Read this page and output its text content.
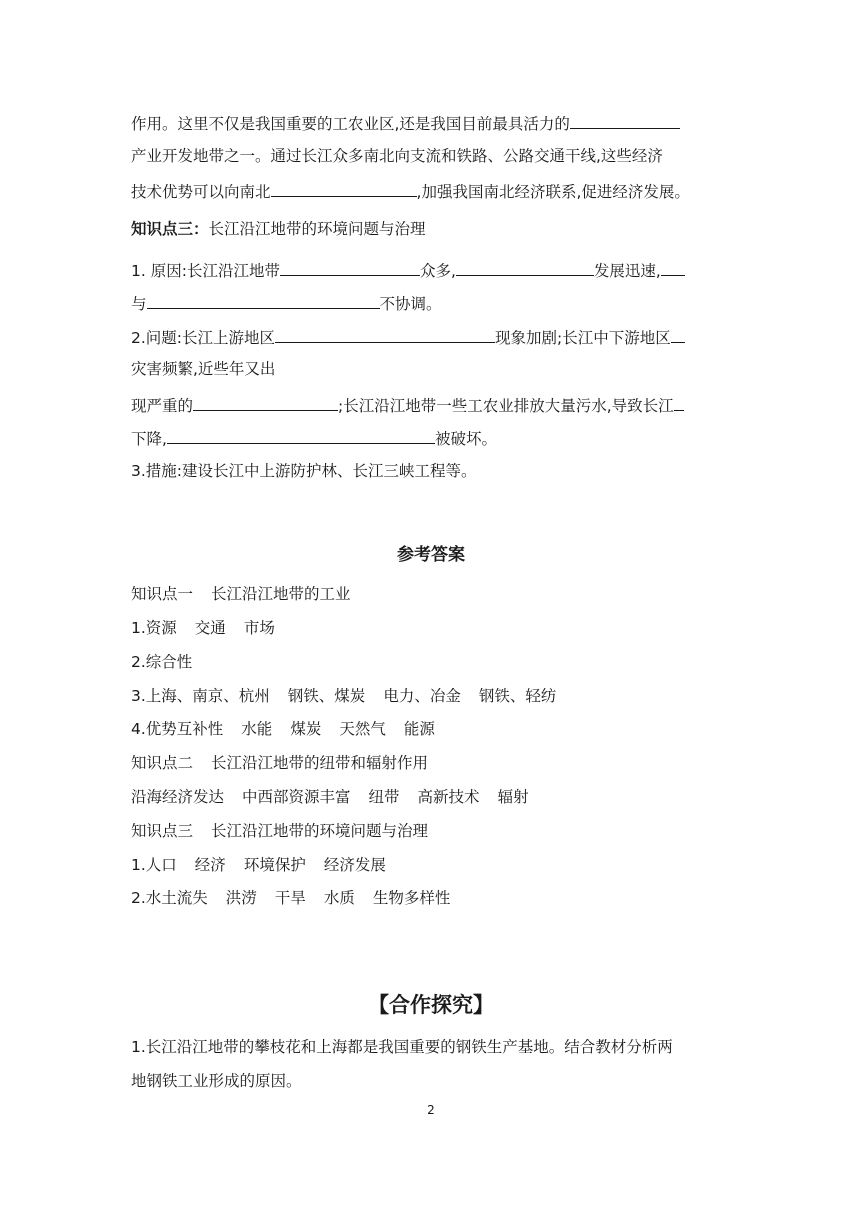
作用。这里不仅是我国重要的工农业区,还是我国目前最具活力的
产业开发地带之一。通过长江众多南北向支流和铁路、公路交通干线,这些经济
技术优势可以向南北	,加强我国南北经济联系,促进经济发展。
知识点三：长江沿江地带的环境问题与治理
1. 原因:长江沿江地带	众多,	发展迅速,
与	不协调。
2.问题:长江上游地区	现象加剧;长江中下游地区
灾害频繁,近些年又出
现严重的	;长江沿江地带一些工农业排放大量污水,导致长江
下降,	被破坏。
3.措施:建设长江中上游防护林、长江三峡工程等。
参考答案
知识点一 长江沿江地带的工业
1.资源 交通 市场
2.综合性
3.上海、南京、杭州 钢铁、煤炭 电力、冶金 钢铁、轻纺
4.优势互补性 水能 煤炭 天然气 能源
知识点二 长江沿江地带的纽带和辐射作用
沿海经济发达 中西部资源丰富 纽带 高新技术 辐射
知识点三 长江沿江地带的环境问题与治理
1.人口 经济 环境保护 经济发展
2.水土流失 洪涝 干旱 水质 生物多样性
【合作探究】
1.长江沿江地带的攀枝花和上海都是我国重要的钢铁生产基地。结合教材分析两
地钢铁工业形成的原因。
2
